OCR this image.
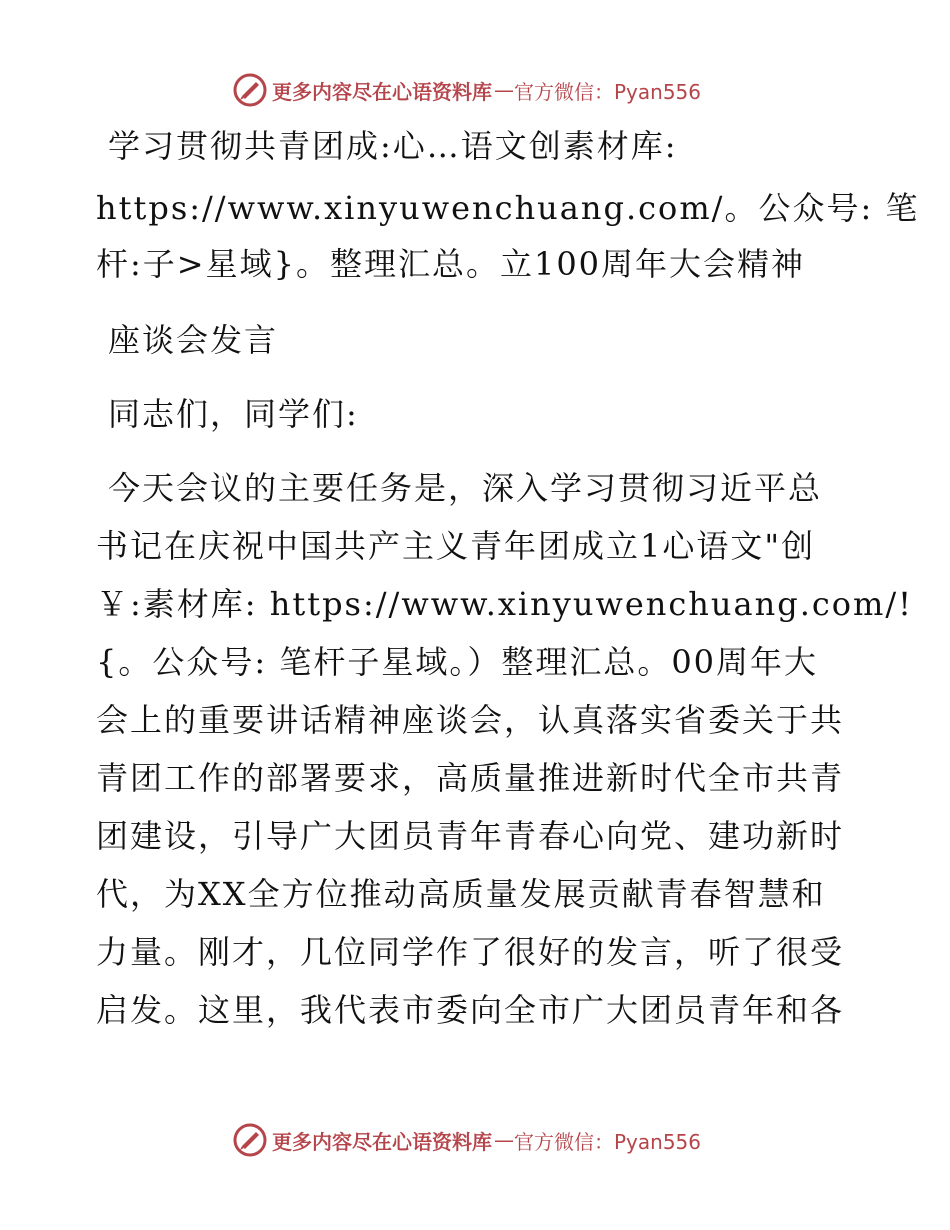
更多内容尽在心语资料库 — 官方微信：Pyan556
学习贯彻共青团成:心…语文创素材库:
https://www.xinyuwenchuang.com/。公众号: 笔
杆:子>星域}。整理汇总。立100周年大会精神
座谈会发言
同志们，同学们:
今天会议的主要任务是，深入学习贯彻习近平总
书记在庆祝中国共产主义青年团成立1心语文"创
￥:素材库: https://www.xinyuwenchuang.com/!
{。公众号: 笔杆子星域。）整理汇总。00周年大
会上的重要讲话精神座谈会，认真落实省委关于共
青团工作的部署要求，高质量推进新时代全市共青
团建设，引导广大团员青年青春心向党、建功新时
代，为XX全方位推动高质量发展贡献青春智慧和
力量。刚才，几位同学作了很好的发言，听了很受
启发。这里，我代表市委向全市广大团员青年和各
更多内容尽在心语资料库 — 官方微信：Pyan556
